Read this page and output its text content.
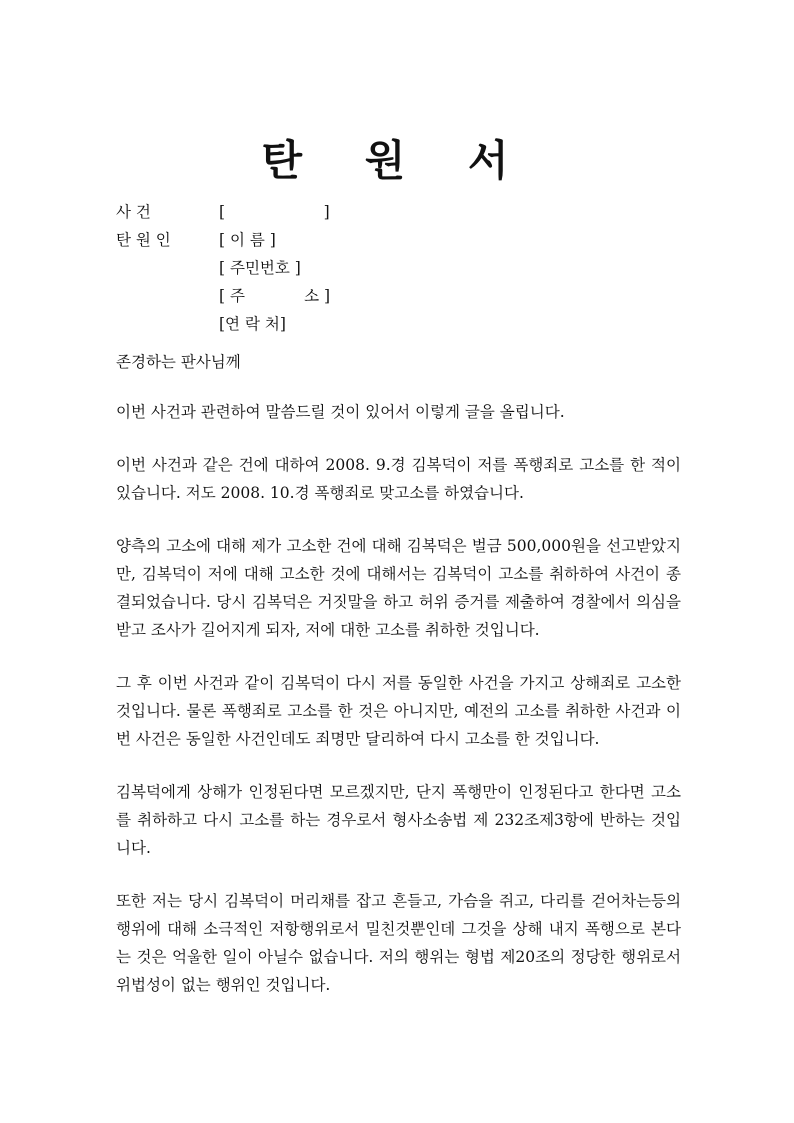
탄 원 서
사 건	[                    ]
탄 원 인	[ 이 름 ]
[ 주민번호 ]
[ 주            소 ]
[연 락 처]

존경하는 판사님께

이번 사건과 관련하여 말씀드릴 것이 있어서 이렇게 글을 올립니다.

이번 사건과 같은 건에 대하여 2008. 9.경 김복덕이 저를 폭행죄로 고소를 한 적이 있습니다. 저도 2008. 10.경 폭행죄로 맞고소를 하였습니다.

양측의 고소에 대해 제가 고소한 건에 대해 김복덕은 벌금 500,000원을 선고받았지만, 김복덕이 저에 대해 고소한 것에 대해서는 김복덕이 고소를 취하하여 사건이 종결되었습니다. 당시 김복덕은 거짓말을 하고 허위 증거를 제출하여 경찰에서 의심을 받고 조사가 길어지게 되자, 저에 대한 고소를 취하한 것입니다.

그 후 이번 사건과 같이 김복덕이 다시 저를 동일한 사건을 가지고 상해죄로 고소한 것입니다. 물론 폭행죄로 고소를 한 것은 아니지만, 예전의 고소를 취하한 사건과 이번 사건은 동일한 사건인데도 죄명만 달리하여 다시 고소를 한 것입니다.

김복덕에게 상해가 인정된다면 모르겠지만, 단지 폭행만이 인정된다고 한다면 고소를 취하하고 다시 고소를 하는 경우로서 형사소송법 제 232조제3항에 반하는 것입니다.

또한 저는 당시 김복덕이 머리채를 잡고 흔들고, 가슴을 쥐고, 다리를 걷어차는등의 행위에 대해 소극적인 저항행위로서 밀친것뿐인데 그것을 상해 내지 폭행으로 본다는 것은 억울한 일이 아닐수 없습니다. 저의 행위는 형법 제20조의 정당한 행위로서 위법성이 없는 행위인 것입니다.
